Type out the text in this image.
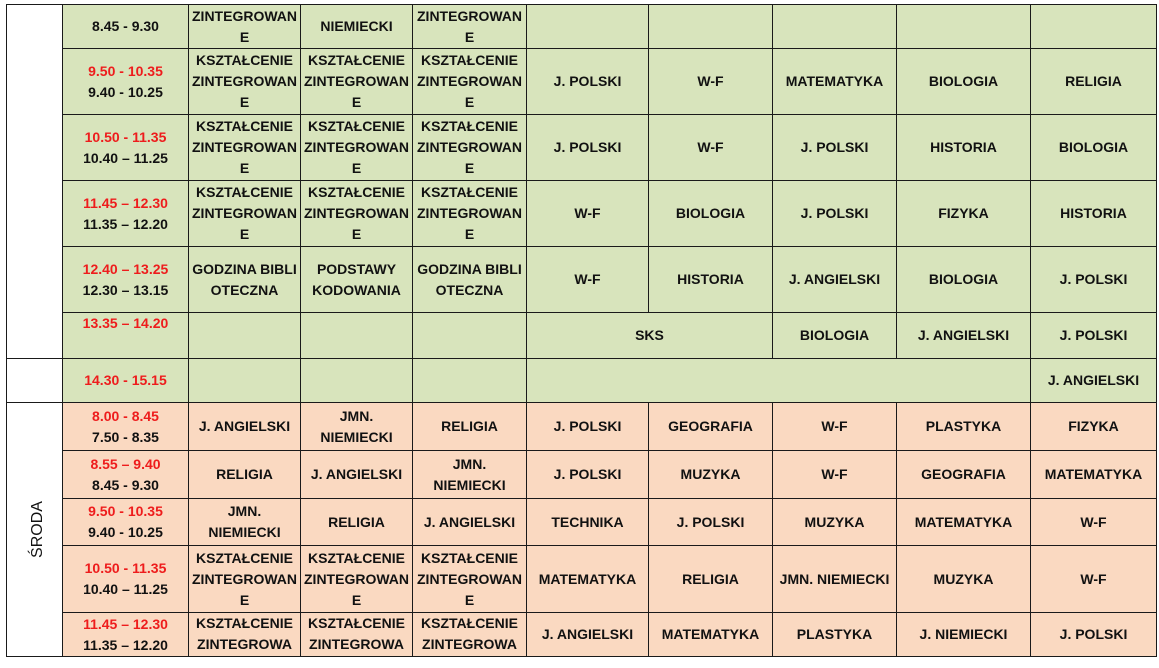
	8.45 - 9.30	ZINTEGROWANE	NIEMIECKI	ZINTEGROWANE					

	9.50 - 10.35
9.40 - 10.25	KSZTAŁCENIE ZINTEGROWANE	KSZTAŁCENIE ZINTEGROWANE	KSZTAŁCENIE ZINTEGROWANE	J. POLSKI	W-F	MATEMATYKA	BIOLOGIA	RELIGIA

	10.50 - 11.35
10.40 – 11.25	KSZTAŁCENIE ZINTEGROWANE	KSZTAŁCENIE ZINTEGROWANE	KSZTAŁCENIE ZINTEGROWANE	J. POLSKI	W-F	J. POLSKI	HISTORIA	BIOLOGIA

	11.45 – 12.30
11.35 – 12.20	KSZTAŁCENIE ZINTEGROWANE	KSZTAŁCENIE ZINTEGROWANE	KSZTAŁCENIE ZINTEGROWANE	W-F	BIOLOGIA	J. POLSKI	FIZYKA	HISTORIA

	12.40 – 13.25
12.30 – 13.15	GODZINA BIBLIOTECZNA	PODSTAWY KODOWANIA	GODZINA BIBLIOTECZNA	W-F	HISTORIA	J. ANGIELSKI	BIOLOGIA	J. POLSKI

	13.35 – 14.20				SKS		BIOLOGIA	J. ANGIELSKI	J. POLSKI

	14.30 - 15.15								J. ANGIELSKI
ŚRODA	8.00 - 8.45
7.50 - 8.35	J. ANGIELSKI	JMN. NIEMIECKI	RELIGIA	J. POLSKI	GEOGRAFIA	W-F	PLASTYKA	FIZYKA

	8.55 – 9.40
8.45 - 9.30	RELIGIA	J. ANGIELSKI	JMN. NIEMIECKI	J. POLSKI	MUZYKA	W-F	GEOGRAFIA	MATEMATYKA

	9.50 - 10.35
9.40 - 10.25	JMN. NIEMIECKI	RELIGIA	J. ANGIELSKI	TECHNIKA	J. POLSKI	MUZYKA	MATEMATYKA	W-F

	10.50 - 11.35
10.40 – 11.25	KSZTAŁCENIE ZINTEGROWANE	KSZTAŁCENIE ZINTEGROWANE	KSZTAŁCENIE ZINTEGROWANE	MATEMATYKA	RELIGIA	JMN. NIEMIECKI	MUZYKA	W-F

	11.45 – 12.30
11.35 – 12.20	KSZTAŁCENIE ZINTEGROWA	KSZTAŁCENIE ZINTEGROWA	KSZTAŁCENIE ZINTEGROWA	J. ANGIELSKI	MATEMATYKA	PLASTYKA	J. NIEMIECKI	J. POLSKI
